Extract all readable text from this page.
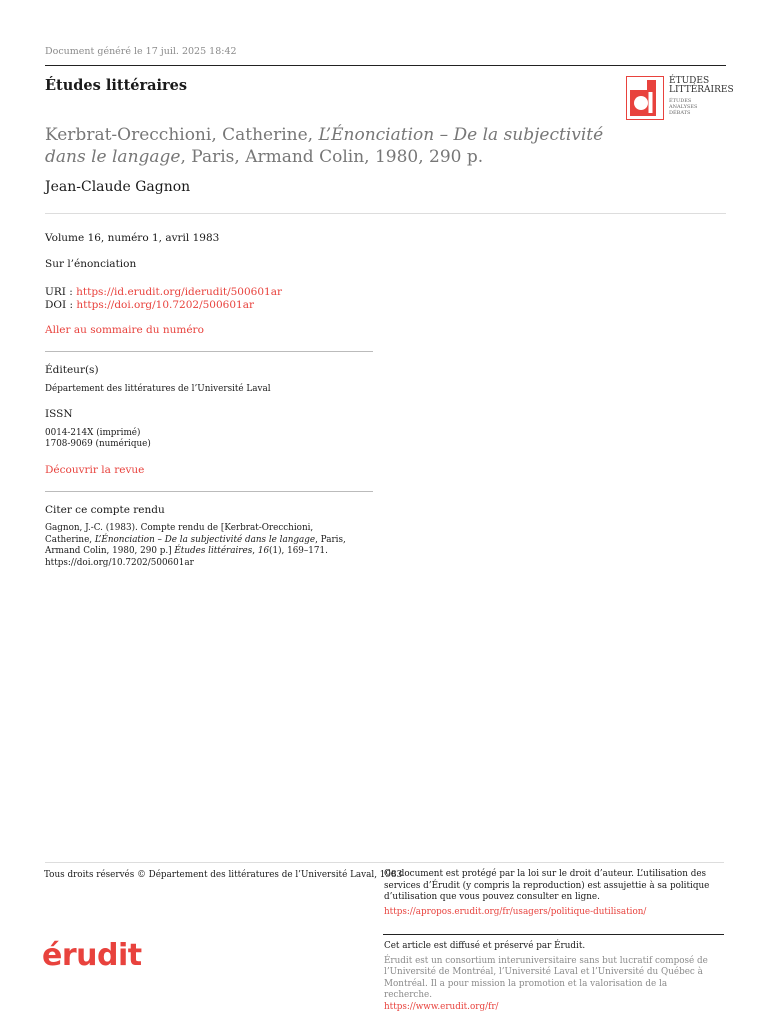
Document généré le 17 juil. 2025 18:42
Études littéraires	ÉTUDES
LITTÉRAIRES
ÉTUDES
ANALYSES
DÉBATS
Kerbrat-Orecchioni, Catherine, L’Énonciation – De la subjectivité dans le langage, Paris, Armand Colin, 1980, 290 p.
Jean-Claude Gagnon
Volume 16, numéro 1, avril 1983
Sur l’énonciation
URI : https://id.erudit.org/iderudit/500601ar
DOI : https://doi.org/10.7202/500601ar
Aller au sommaire du numéro
Éditeur(s)
Département des littératures de l’Université Laval
ISSN
0014-214X (imprimé)
1708-9069 (numérique)
Découvrir la revue
Citer ce compte rendu
Gagnon, J.-C. (1983). Compte rendu de [Kerbrat-Orecchioni, Catherine, L’Énonciation – De la subjectivité dans le langage, Paris, Armand Colin, 1980, 290 p.] Études littéraires, 16(1), 169–171. https://doi.org/10.7202/500601ar
Tous droits réservés © Département des littératures de l’Université Laval, 1983
Ce document est protégé par la loi sur le droit d’auteur. L’utilisation des services d’Érudit (y compris la reproduction) est assujettie à sa politique d’utilisation que vous pouvez consulter en ligne.
https://apropos.erudit.org/fr/usagers/politique-dutilisation/
érudit	Cet article est diffusé et préservé par Érudit.
Érudit est un consortium interuniversitaire sans but lucratif composé de l’Université de Montréal, l’Université Laval et l’Université du Québec à Montréal. Il a pour mission la promotion et la valorisation de la recherche.
https://www.erudit.org/fr/
